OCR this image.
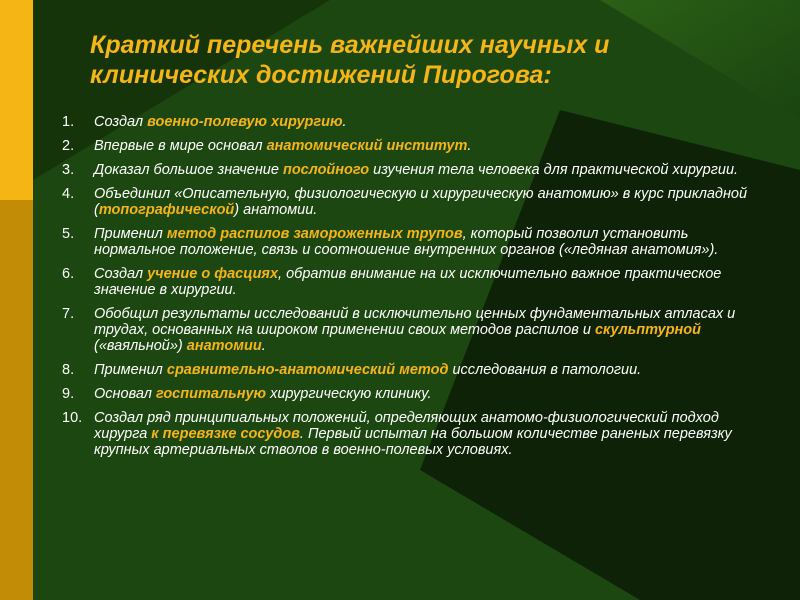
Краткий перечень важнейших научных и клинических достижений Пирогова:
1.	Создал военно-полевую хирургию.
2.	Впервые в мире основал анатомический институт.
3.	Доказал большое значение послойного изучения тела человека для практической хирургии.
4.	Объединил «Описательную, физиологическую и хирургическую анатомию» в курс прикладной (топографической) анатомии.
5.	Применил метод распилов замороженных трупов, который позволил установить нормальное положение, связь и соотношение внутренних органов («ледяная анатомия»).
6.	Создал учение о фасциях, обратив внимание на их исключительно важное практическое значение в хирургии.
7.	Обобщил результаты исследований в исключительно ценных фундаментальных атласах и трудах, основанных на широком применении своих методов распилов и скульптурной («ваяльной») анатомии.
8.	Применил сравнительно-анатомический метод исследования в патологии.
9.	Основал госпитальную хирургическую клинику.
10. Создал ряд принципиальных положений, определяющих анатомо-физиологический подход хирурга к перевязке сосудов. Первый испытал на большом количестве раненых перевязку крупных артериальных стволов в военно-полевых условиях.
